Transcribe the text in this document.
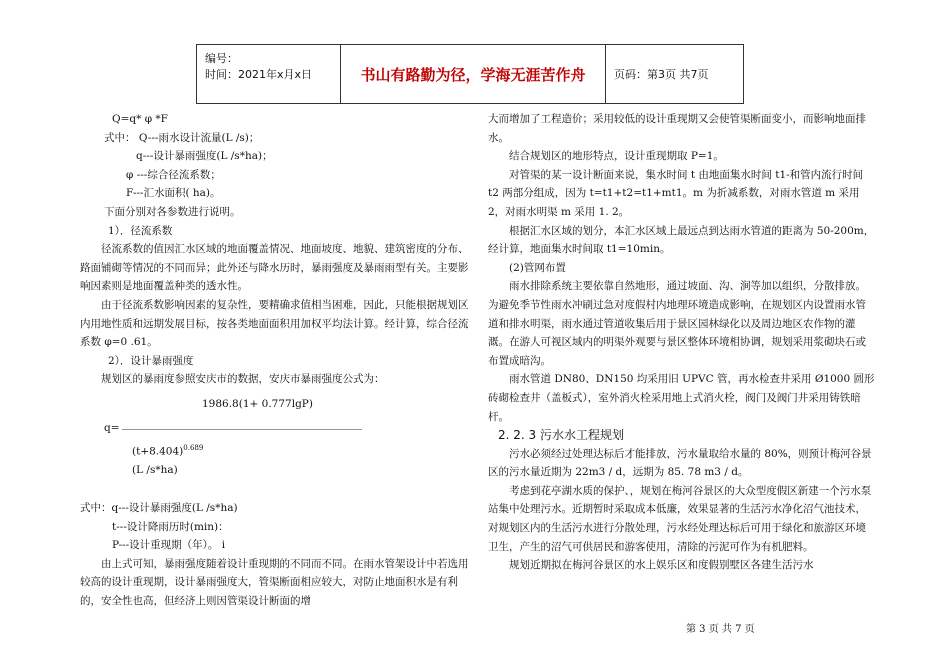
编号：
时间：2021年x月x日	书山有路勤为径，学海无涯苦作舟	页码：第3页 共7页

Q=q* φ *F

式中： Q---雨水设计流量(L /s)；

q---设计暴雨强度(L /s*ha)；

φ ---综合径流系数；

F---汇水面积( ha)。

下面分别对各参数进行说明。

1）．径流系数

径流系数的值因汇水区域的地面覆盖情况、地面坡度、地貌、建筑密度的分布、路面铺砌等情况的不同而异；此外还与降水历时，暴雨强度及暴雨雨型有关。主要影响因素则是地面覆盖种类的透水性。

由于径流系数影响因素的复杂性，要精确求值相当困难，因此，只能根据规划区内用地性质和远期发展目标，按各类地面面积用加权平均法计算。经计算，综合径流系数 φ=0 .61。

2）．设计暴雨强度

规划区的暴雨度参照安庆市的数据，安庆市暴雨强度公式为：

1986.8(1+ 0.777lgP)
q=
$(t+8.404)^{0.689}$
(L /s*ha)

式中：q---设计暴雨强度(L /s*ha)

t---设计降雨历时(min)：

P---设计重现期（年）。 i

由上式可知，暴雨强度随着设计重现期的不同而不同。在雨水管架设计中若选用较高的设计重现期，设计暴雨强度大，管渠断面相应较大，对防止地面积水是有利的，安全性也高，但经济上则因管渠设计断面的增

大而增加了工程造价；采用较低的设计重现期又会使管渠断面变小，而影响地面排水。

结合规划区的地形特点，设计重现期取 P=1。

对管渠的某一设计断面来说，集水时间 t 由地面集水时间 t1-和管内流行时间 t2 两部分组成，因为 t=t1+t2=t1+mt1。m 为折减系数，对雨水管道 m 采用 2，对雨水明渠 m 采用 1. 2。

根据汇水区域的划分，本汇水区域上最远点到达雨水管道的距离为 50-200m，经计算，地面集水时间取 t1=10min。

(2)管网布置

雨水排除系统主要依靠自然地形，通过坡面、沟、涧等加以组织，分散排放。为避免季节性雨水冲刷过急对度假村内地理环境造成影响，在规划区内设置雨水管道和排水明渠，雨水通过管道收集后用于景区园林绿化以及周边地区农作物的灌溉。在游人可视区域内的明渠外观要与景区整体环境相协调，规划采用浆砌块石或布置成暗沟。

雨水管道 DN80、DN150 均采用旧 UPVC 管，再水检查井采用 Ø1000 圆形砖砌检查井（盖板式），室外消火栓采用地上式消火栓，阀门及阀门井采用铸铁暗杆。

2. 2. 3 污水水工程规划

污水必须经过处理达标后才能排放，污水量取给水量的 80%，则预计梅河谷景区的污水量近期为 22m3 / d，远期为 85. 78 m3 / d。

考虑到花亭湖水质的保护、，规划在梅河谷景区的大众型度假区新建一个污水泵站集中处理污水。近期暂时采取成本低廉，效果显著的生活污水净化沼气池技术，对规划区内的生活污水进行分散处理，污水经处理达标后可用于绿化和旅游区环境卫生，产生的沼气可供居民和游客使用，清除的污泥可作为有机肥料。

规划近期拟在梅河谷景区的水上娱乐区和度假别墅区各建生活污水

第 3 页 共 7 页
